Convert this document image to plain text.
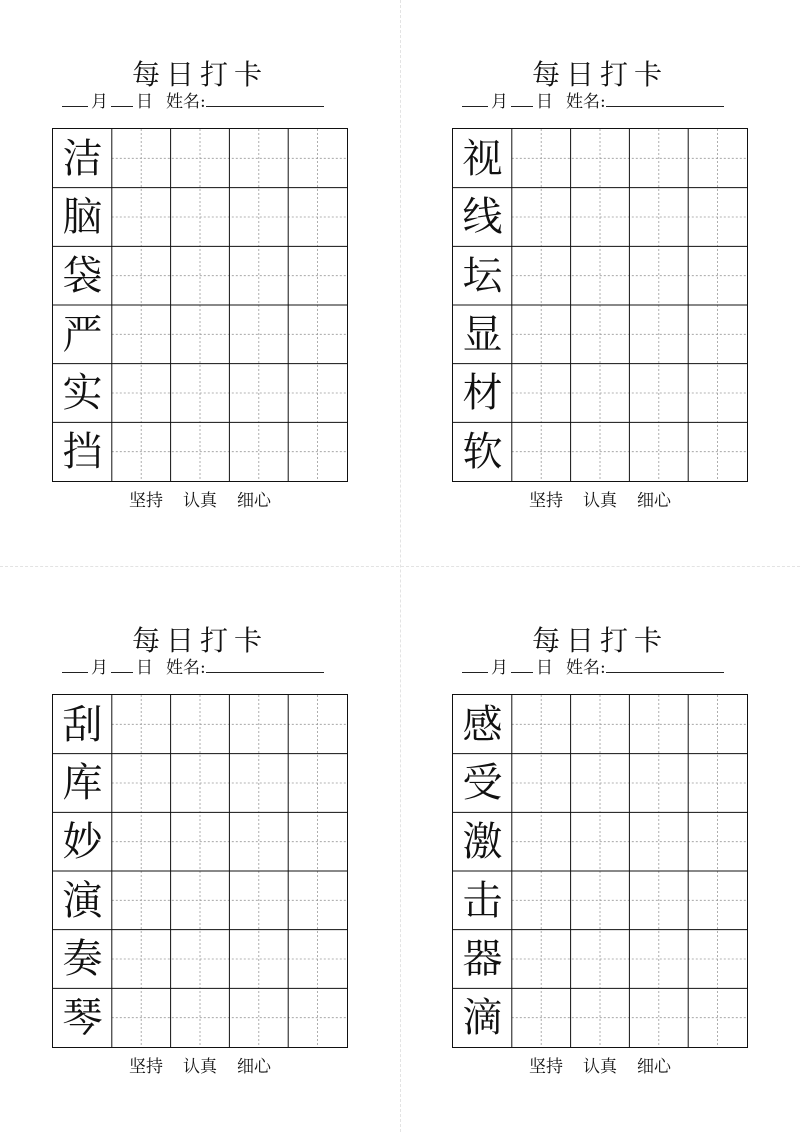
每日打卡
月 日 姓名:
洁
脑
袋
严
实
挡
坚持 认真 细心
每日打卡
月 日 姓名:
视
线
坛
显
材
软
坚持 认真 细心
每日打卡
月 日 姓名:
刮
库
妙
演
奏
琴
坚持 认真 细心
每日打卡
月 日 姓名:
感
受
激
击
器
滴
坚持 认真 细心
